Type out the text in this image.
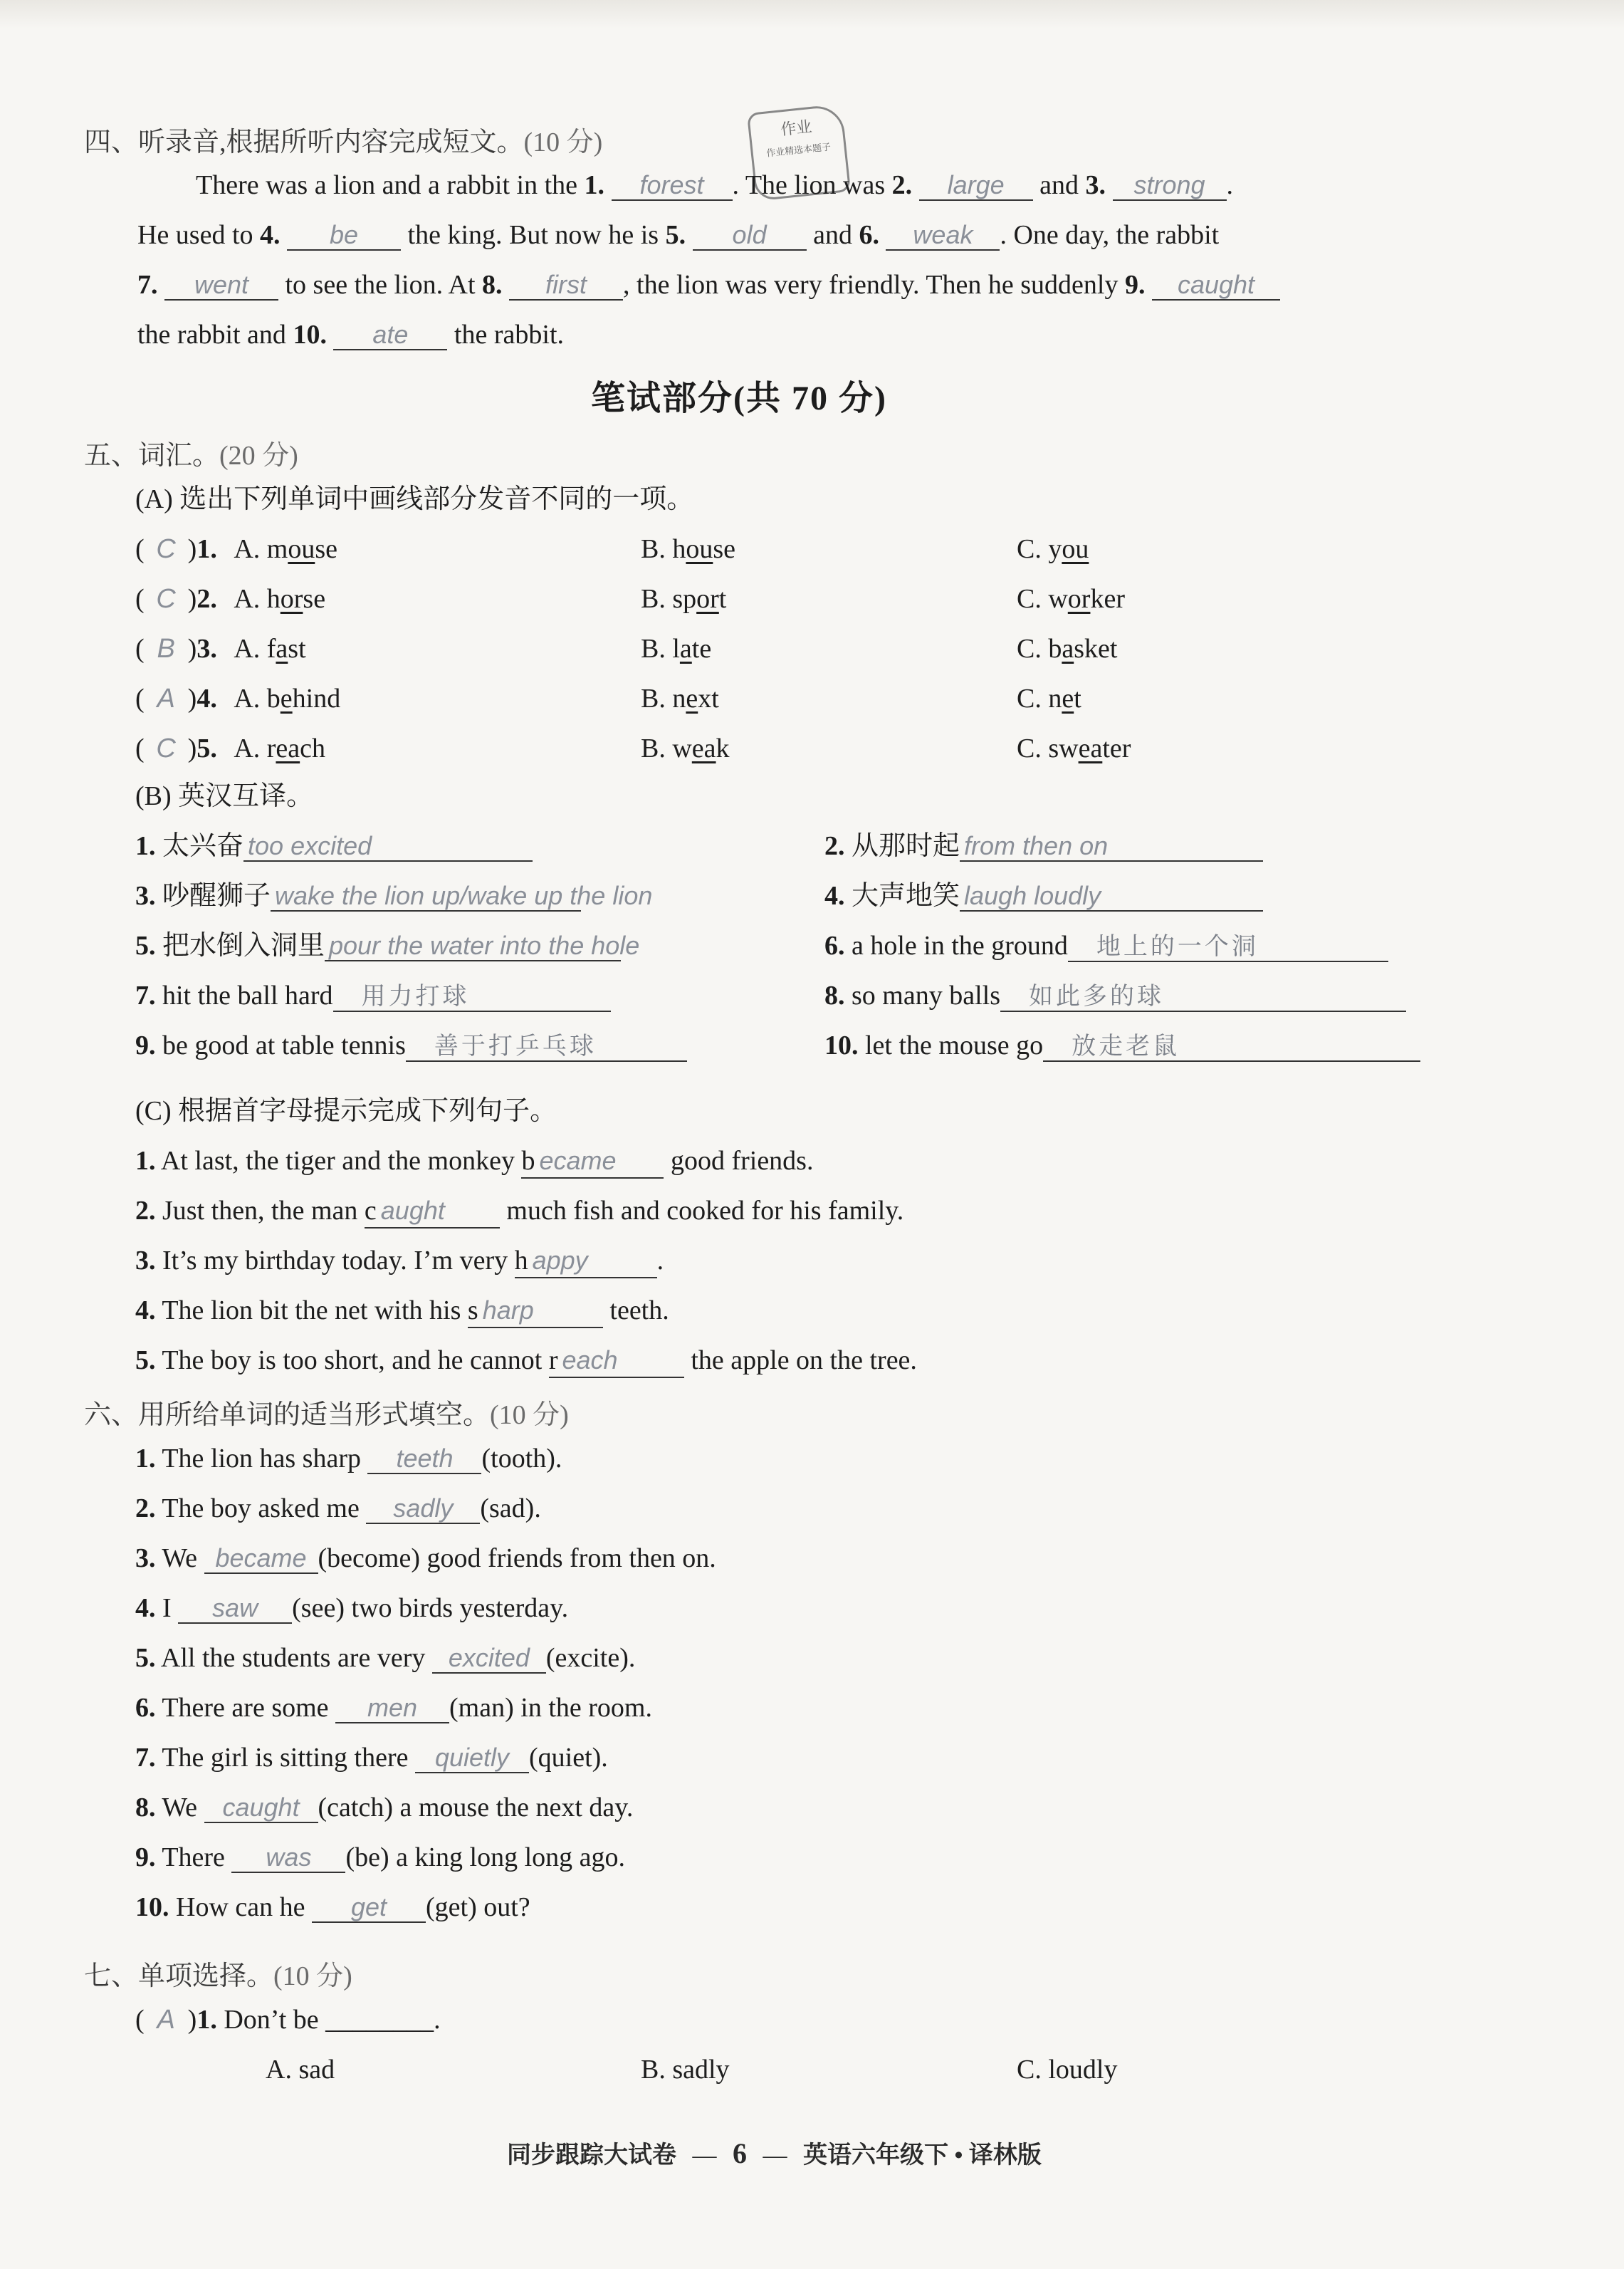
四、听录音,根据所听内容完成短文。(10 分)	作业
作业精选本题子
There was a lion and a rabbit in the 1. forest . The lion was 2. large and 3. strong .
He used to 4. be the king. But now he is 5. old and 6. weak . One day, the rabbit
7. went to see the lion. At 8. first , the lion was very friendly. Then he suddenly 9. caught
the rabbit and 10. ate the rabbit.
笔试部分(共 70 分)
五、词汇。(20 分)
(A) 选出下列单词中画线部分发音不同的一项。
( C )1. A. mouse	B. house	C. you
( C )2. A. horse	B. sport	C. worker
( B )3. A. fast	B. late	C. basket
( A )4. A. behind	B. next	C. net
( C )5. A. reach	B. weak	C. sweater
(B) 英汉互译。
1. 太兴奋 too excited	2. 从那时起 from then on
3. 吵醒狮子 wake the lion up/wake up the lion	4. 大声地笑 laugh loudly
5. 把水倒入洞里 pour the water into the hole	6. a hole in the ground 地上的一个洞
7. hit the ball hard 用力打球	8. so many balls 如此多的球
9. be good at table tennis 善于打乒乓球	10. let the mouse go 放走老鼠
(C) 根据首字母提示完成下列句子。
1. At last, the tiger and the monkey b ecame good friends.
2. Just then, the man c aught much fish and cooked for his family.
3. It’s my birthday today. I’m very h appy	.
4. The lion bit the net with his s harp	teeth.
5. The boy is too short, and he cannot r each the apple on the tree.
六、用所给单词的适当形式填空。(10 分)
1. The lion has sharp teeth (tooth).
2. The boy asked me sadly (sad).
3. We became (become) good friends from then on.
4. I saw (see) two birds yesterday.
5. All the students are very excited (excite).
6. There are some men (man) in the room.
7. The girl is sitting there quietly (quiet).
8. We caught (catch) a mouse the next day.
9. There was (be) a king long long ago.
10. How can he get (get) out?
七、单项选择。(10 分)
( A )1. Don’t be ________.
A. sad	B. sadly	C. loudly
同步跟踪大试卷 — 6 — 英语六年级下 • 译林版
